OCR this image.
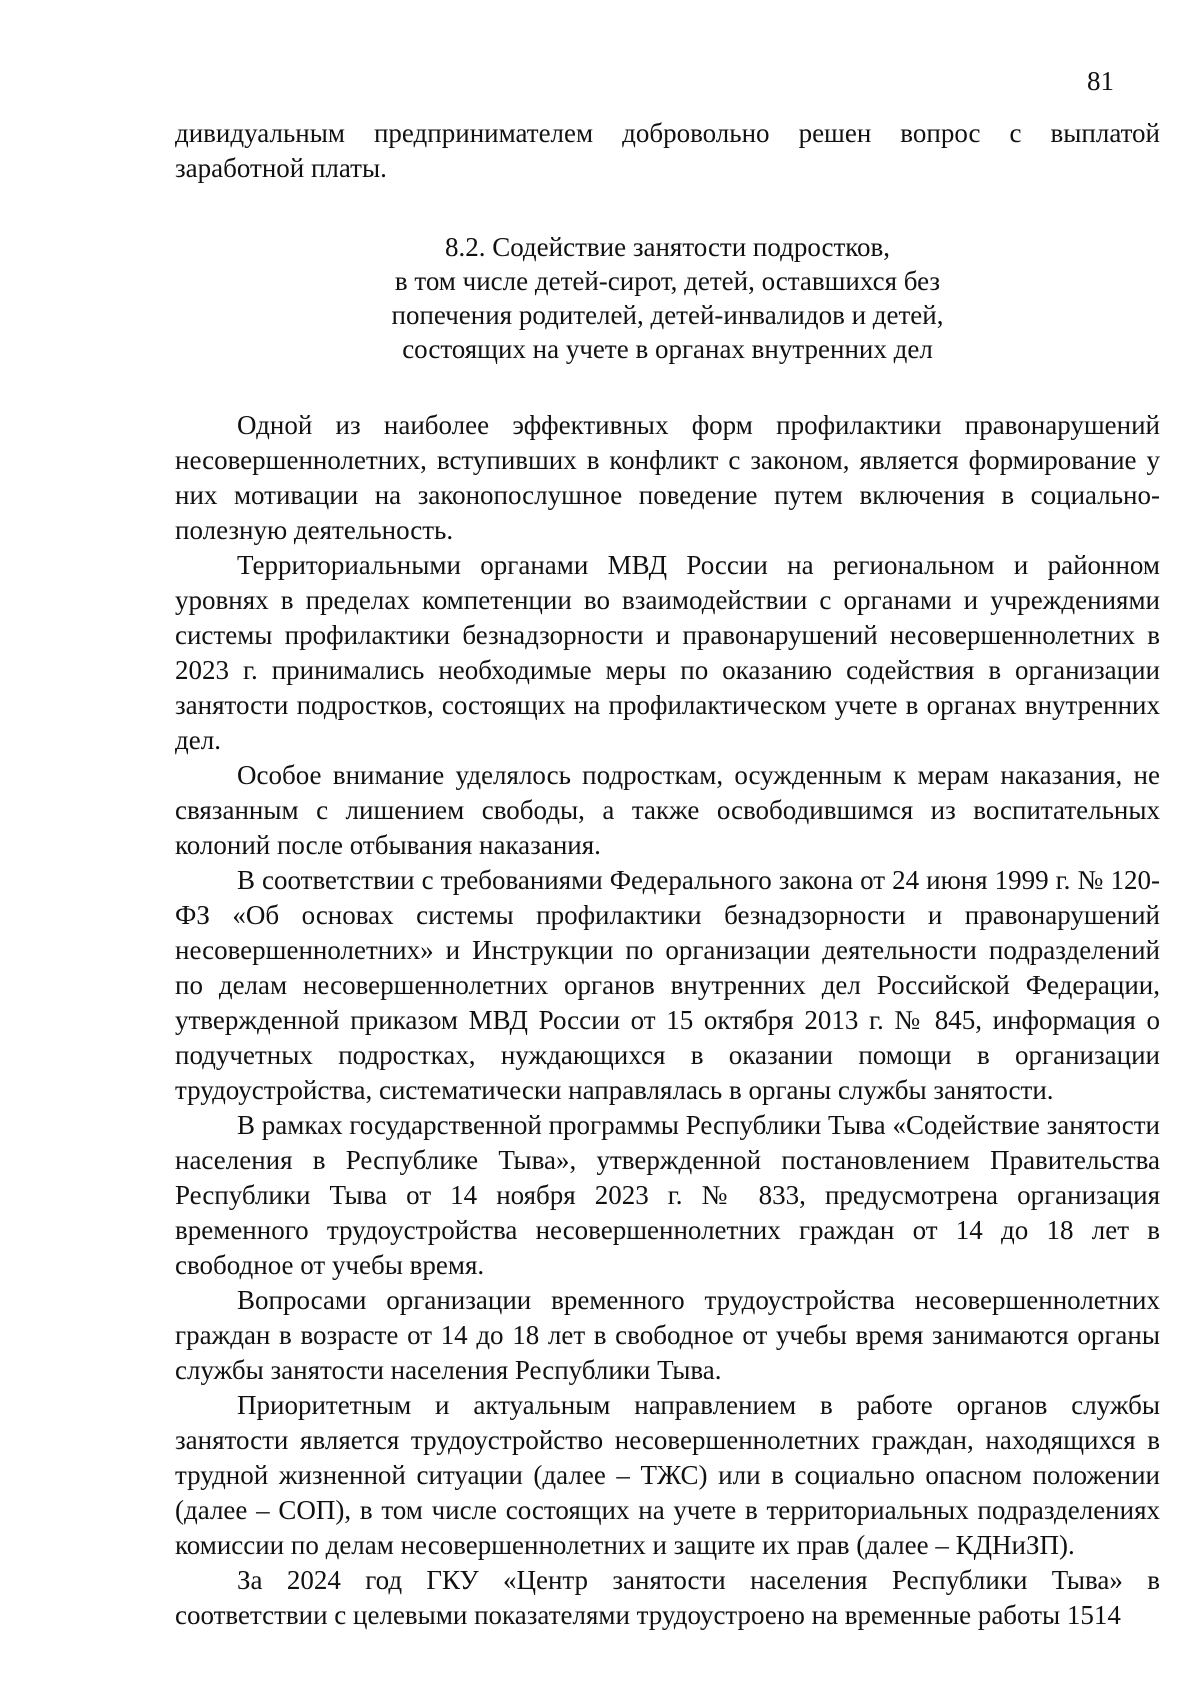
81

дивидуальным предпринимателем добровольно решен вопрос с выплатой заработной платы.

8.2. Содействие занятости подростков,
в том числе детей-сирот, детей, оставшихся без
попечения родителей, детей-инвалидов и детей,
состоящих на учете в органах внутренних дел

Одной из наиболее эффективных форм профилактики правонарушений несовершеннолетних, вступивших в конфликт с законом, является формирование у них мотивации на законопослушное поведение путем включения в социально-полезную деятельность.

Территориальными органами МВД России на региональном и районном уровнях в пределах компетенции во взаимодействии с органами и учреждениями системы профилактики безнадзорности и правонарушений несовершеннолетних в 2023 г. принимались необходимые меры по оказанию содействия в организации занятости подростков, состоящих на профилактическом учете в органах внутренних дел.

Особое внимание уделялось подросткам, осужденным к мерам наказания, не связанным с лишением свободы, а также освободившимся из воспитательных колоний после отбывания наказания.

В соответствии с требованиями Федерального закона от 24 июня 1999 г. № 120-ФЗ «Об основах системы профилактики безнадзорности и правонарушений несовершеннолетних» и Инструкции по организации деятельности подразделений по делам несовершеннолетних органов внутренних дел Российской Федерации, утвержденной приказом МВД России от 15 октября 2013 г. № 845, информация о подучетных подростках, нуждающихся в оказании помощи в организации трудоустройства, систематически направлялась в органы службы занятости.

В рамках государственной программы Республики Тыва «Содействие занятости населения в Республике Тыва», утвержденной постановлением Правительства Республики Тыва от 14 ноября 2023 г. № 833, предусмотрена организация временного трудоустройства несовершеннолетних граждан от 14 до 18 лет в свободное от учебы время.

Вопросами организации временного трудоустройства несовершеннолетних граждан в возрасте от 14 до 18 лет в свободное от учебы время занимаются органы службы занятости населения Республики Тыва.

Приоритетным и актуальным направлением в работе органов службы занятости является трудоустройство несовершеннолетних граждан, находящихся в трудной жизненной ситуации (далее – ТЖС) или в социально опасном положении (далее – СОП), в том числе состоящих на учете в территориальных подразделениях комиссии по делам несовершеннолетних и защите их прав (далее – КДНиЗП).

За 2024 год ГКУ «Центр занятости населения Республики Тыва» в соответствии с целевыми показателями трудоустроено на временные работы 1514
